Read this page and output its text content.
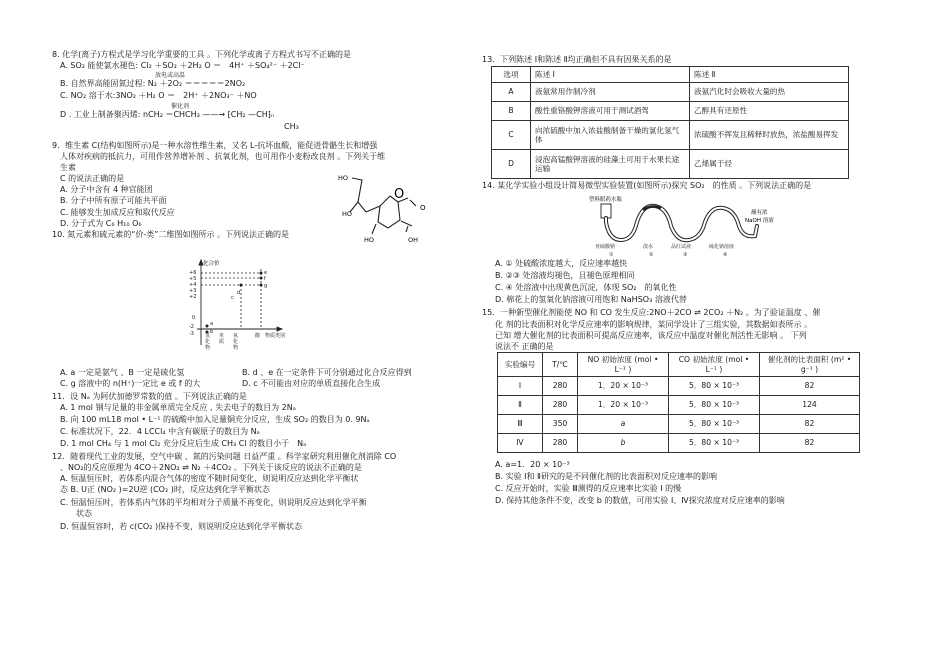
8. 化学(离子)方程式是学习化学重要的工具 。下列化学或离子方程式书写不正确的是
A. SO₂ 能使氯水褪色: Cl₂ ＋SO₂ ＋2H₂ O ＝　4H⁺ ＋SO₄²⁻ ＋2Cl⁻
放电或高温
B. 自然界高能固氮过程: N₂ ＋2O₂ ＝＝＝＝＝2NO₂
C. NO₂ 溶于水:3NO₂ ＋H₂ O ＝　2H⁺ ＋2NO₃⁻ ＋NO
催化剂
D . 工业上制备聚丙烯: nCH₂ ＝CHCH₃ ——→ ⁅CH₂ —CH⁆ₙ
CH₃
9．维生素 C(结构如图所示)是一种水溶性维生素，又名 L-抗坏血酸，能促进骨骼生长和增强
人体对疾病的抵抗力，可用作营养增补剂 、抗氧化剂，也可用作小麦粉改良剂 。下列关于维
生素
C 的说法正确的是
A. 分子中含有 4 种官能团
B. 分子中所有原子可能共平面
C. 能够发生加成反应和取代反应
D. 分子式为 C₆ H₁₀ O₆
HO
O
O
HO
HO	OH
10. 氮元素和硫元素的“价-类”二维图如图所示 。下列说法正确的是
化合价
+6
+5
+4
+3
+2
0
-2
-3 氢化物
单质
氧化物
酸 物质类别
a
b
c
d
e
f
g
A. a 一定是氨气 、B 一定是硫化氢	B. d 、e 在一定条件下可分别通过化合反应得到
C. g 溶液中的 n(H⁺)一定比 e 或 f 的大	D. c 不可能由对应的单质直接化合生成
11．设 Nₐ 为阿伏加德罗常数的值 。下列说法正确的是
A. 1 mol 钢与足量的非金属单质完全反应 , 失去电子的数目为 2Nₐ
B. 向 100 mL18 mol • L⁻¹ 的硫酸中加入足量铜充分反应，生成 SO₂ 的数目为 0. 9Nₐ
C. 标准状况下，22．4 LCCl₄ 中含有碳原子的数目为 Nₐ
D. 1 mol CH₄ 与 1 mol Cl₂ 充分反应后生成 CH₃ Cl 的数目小于　Nₐ
12．随着现代工业的发展，空气中碳 、氮的污染问题 日益严重 。科学家研究利用催化剂消除 CO
、NO₂的反应原理为 4CO＋2NO₂ ⇌ N₂ ＋4CO₂ 。下列关于该反应的说法不正确的是
A. 恒温恒压时，若体系内混合气体的密度不随时间变化，则说明反应达到化学平衡状
态 B. U正 (NO₂ )=2U逆 (CO₂ )时，反应达到化学平衡状态
C. 恒温恒压时，若体系内气体的平均相对分子质量不再变化，则说明反应达到化学平衡
状态
D. 恒温恒容时，若 c(CO₂ )保持不变，则说明反应达到化学平衡状态
13．下列陈述 Ⅰ和陈述 Ⅱ均正确但不具有因果关系的是
选项	陈述 Ⅰ	陈述 Ⅱ
A	液氨常用作制冷剂	液氨汽化时会吸收大量的热
B	酸性重铬酸钾溶液可用于测试酒驾	乙醇具有还原性
C	向浓硫酸中加入浓盐酸制备干燥的氯化氢气体	浓硫酸不挥发且稀释时放热，浓盐酸易挥发
D	浸泡高锰酸钾溶液的硅藻土可用于水果长途运输	乙烯属于烃
14. 某化学实验小组设计简易微型实验装置(如图所示)探究 SO₂　的性质 。下列说法正确的是
塑料眼药水瓶
蘸有浓
NaOH 溶液
亚硫酸钠	溴水	品红试液	硫化钠溶液
①	②	③	④
A. ① 处硫酸浓度越大，反应速率越快
B. ②③ 处溶液均褪色，且褪色原理相同
C. ④ 处溶液中出现黄色沉淀，体现 SO₂　的氧化性
D. 棉花上的氢氧化钠溶液可用饱和 NaHSO₃ 溶液代替
15．一种新型催化剂能使 NO 和 CO 发生反应:2NO＋2CO ⇌ 2CO₂ ＋N₂ 。为了验证温度 、催
化 剂的比表面积对化学反应速率的影响规律，某同学设计了三组实验，其数据如表所示 。
已知 增大催化剂的比表面积可提高反应速率，该反应中温度对催化剂活性无影响 。 下列
说法不 正确的是
实验编号	T/℃	NO 初始浓度 (mol • L⁻¹ )	CO 初始浓度 (mol • L⁻¹ )	催化剂的比表面积 (m² • g⁻¹ )
Ⅰ	280	1．20 × 10⁻³	5．80 × 10⁻³	82
Ⅱ	280	1．20 × 10⁻³	5．80 × 10⁻³	124
Ⅲ	350	a	5．80 × 10⁻³	82
Ⅳ	280	b	5．80 × 10⁻³	82
A. a=1．20 × 10⁻³
B. 实验 Ⅰ和 Ⅱ研究的是不同催化剂的比表面积对反应速率的影响
C. 反应开始时，实验 Ⅲ测得的反应速率比实验 Ⅰ 的慢
D. 保持其他条件不变，改变 b 的数值，可用实验 Ⅰ、Ⅳ探究浓度对反应速率的影响
